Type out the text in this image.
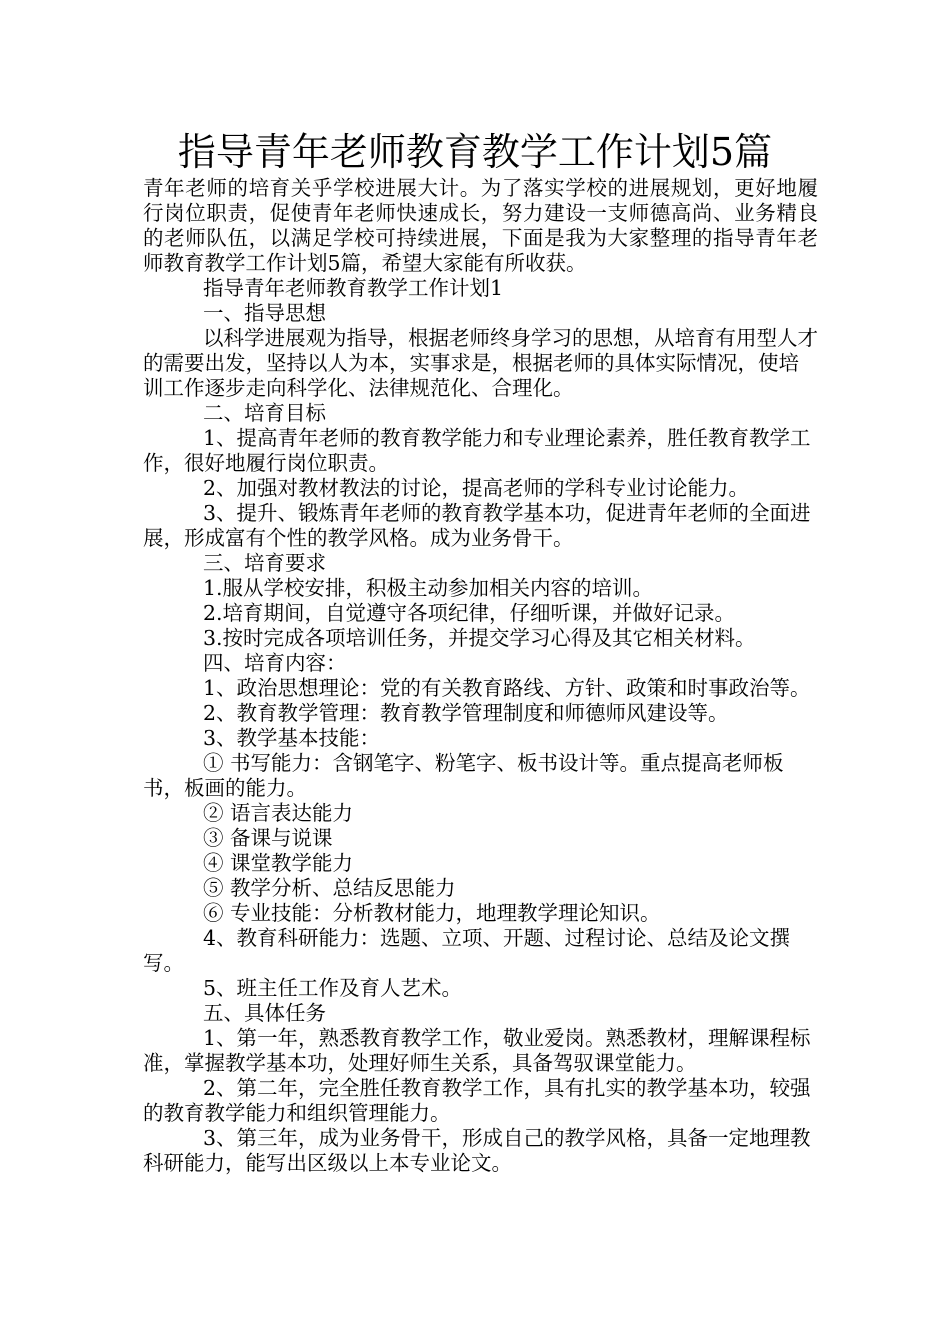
指导青年老师教育教学工作计划5篇

青年老师的培育关乎学校进展大计。为了落实学校的进展规划，更好地履行岗位职责，促使青年老师快速成长，努力建设一支师德高尚、业务精良的老师队伍，以满足学校可持续进展，下面是我为大家整理的指导青年老师教育教学工作计划5篇，希望大家能有所收获。

指导青年老师教育教学工作计划1

一、指导思想

以科学进展观为指导，根据老师终身学习的思想，从培育有用型人才的需要出发，坚持以人为本，实事求是，根据老师的具体实际情况，使培训工作逐步走向科学化、法律规范化、合理化。

二、培育目标

1、提高青年老师的教育教学能力和专业理论素养，胜任教育教学工作，很好地履行岗位职责。

2、加强对教材教法的讨论，提高老师的学科专业讨论能力。

3、提升、锻炼青年老师的教育教学基本功，促进青年老师的全面进展，形成富有个性的教学风格。成为业务骨干。

三、培育要求

1.服从学校安排，积极主动参加相关内容的培训。

2.培育期间，自觉遵守各项纪律，仔细听课，并做好记录。

3.按时完成各项培训任务，并提交学习心得及其它相关材料。

四、培育内容：

1、政治思想理论：党的有关教育路线、方针、政策和时事政治等。

2、教育教学管理：教育教学管理制度和师德师风建设等。

3、教学基本技能：

① 书写能力：含钢笔字、粉笔字、板书设计等。重点提高老师板书，板画的能力。

② 语言表达能力

③ 备课与说课

④ 课堂教学能力

⑤ 教学分析、总结反思能力

⑥ 专业技能：分析教材能力，地理教学理论知识。

4、教育科研能力：选题、立项、开题、过程讨论、总结及论文撰写。

5、班主任工作及育人艺术。

五、具体任务

1、第一年，熟悉教育教学工作，敬业爱岗。熟悉教材，理解课程标准，掌握教学基本功，处理好师生关系，具备驾驭课堂能力。

2、第二年，完全胜任教育教学工作，具有扎实的教学基本功，较强的教育教学能力和组织管理能力。

3、第三年，成为业务骨干，形成自己的教学风格，具备一定地理教科研能力，能写出区级以上本专业论文。
